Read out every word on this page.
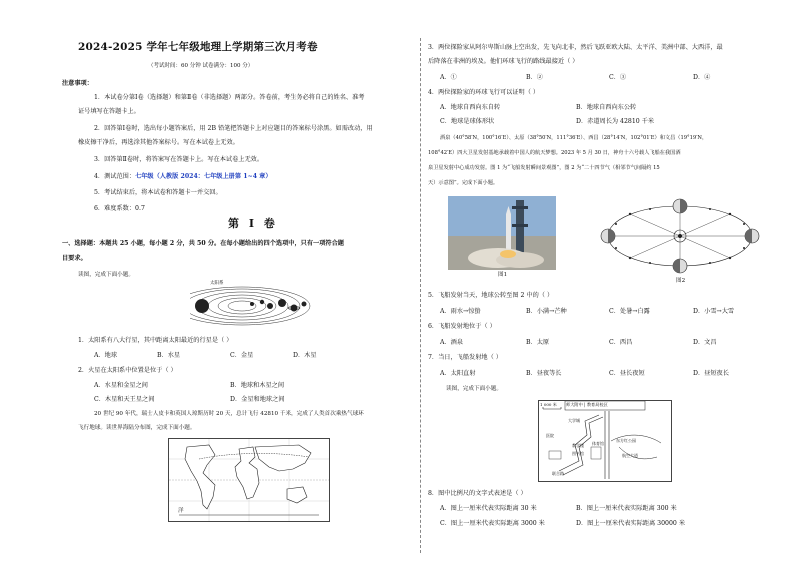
2024-2025 学年七年级地理上学期第三次月考卷
（考试时间：60 分钟 试卷满分：100 分）
注意事项：
1．本试卷分第Ⅰ卷（选择题）和第Ⅱ卷（非选择题）两部分。答卷前，考生务必将自己的姓名、准考
证号填写在答题卡上。
2．回答第Ⅰ卷时，选出每小题答案后，用 2B 铅笔把答题卡上对应题目的答案标号涂黑。如需改动，用
橡皮擦干净后，再选涂其他答案标号。写在本试卷上无效。
3．回答第Ⅱ卷时，将答案写在答题卡上。写在本试卷上无效。
4．测试范围：七年级（人教版 2024：七年级上册第 1~4 章）
5．考试结束后，将本试卷和答题卡一并交回。
6．难度系数：0.7
第 Ⅰ 卷
一、选择题：本题共 25 小题，每小题 2 分，共 50 分。在每小题给出的四个选项中，只有一项符合题
目要求。
读图，完成下面小题。
太阳系
1．太阳系有八大行星，其中距离太阳最近的行星是（ ）
A．地球	B．水星	C．金星	D．木星
2．火星在太阳系中位置是位于（ ）
A．水星和金星之间	B．地球和木星之间
C．木星和天王星之间	D．金星和地球之间
20 世纪 90 年代，瑞士人皮卡和英国人琼斯历时 20 天，总计飞行 42810 千米，完成了人类首次乘热气球环
飞行地球。读世界海陆分布图，完成下面小题。
洋
3．两位探险家从阿尔卑斯山脉上空出发，先飞向北非，然后飞跃亚欧大陆、太平洋、美洲中部、大西洋，最
后降落在非洲的埃及。他们环球飞行的路线最接近（ ）
A．①	B．②	C．③	D．④
4．两位探险家的环球飞行可以证明（ ）
A．地球自西向东自转	B．地球自西向东公转
C．地球是球体形状	D．赤道周长为 42810 千米
酒泉（40°58′N，100°16′E）、太原（38°50′N，111°36′E）、西昌（28°14′N，102°01′E）和文昌（19°19′N，
108°42′E）四大卫星发射基地承载着中国人的航天梦想。2023 年 5 月 30 日，神舟十六号载人飞船在我国酒
泉卫星发射中心成功发射。图 1 为“飞船发射瞬间景观图”，图 2 为“二十四节气（相邻节气间隔约 15
天）示意图”。完成下面小题。
图1
图2
5．飞船发射当天，地球公转至图 2 中的（ ）
A．雨水→惊蛰	B．小满→芒种	C．处暑→白露	D．小雪→大雪
6．飞船发射地位于（ ）
A．酒泉	B．太原	C．西昌	D．文昌
7．当日，飞船发射地（ ）
A．太阳直射	B．昼夜等长	C．昼长夜短	D．昼短夜长
读图，完成下面小题。
师大附中 | 教育局校区
1 000 米
大学城
医院
教学楼
图书馆
体育馆
东方红公园
航空大道
联合路
8．图中比例尺的文字式表述是（ ）
A．图上一厘米代表实际距离 30 米	B．图上一厘米代表实际距离 300 米
C．图上一厘米代表实际距离 3000 米	D．图上一厘米代表实际距离 30000 米
